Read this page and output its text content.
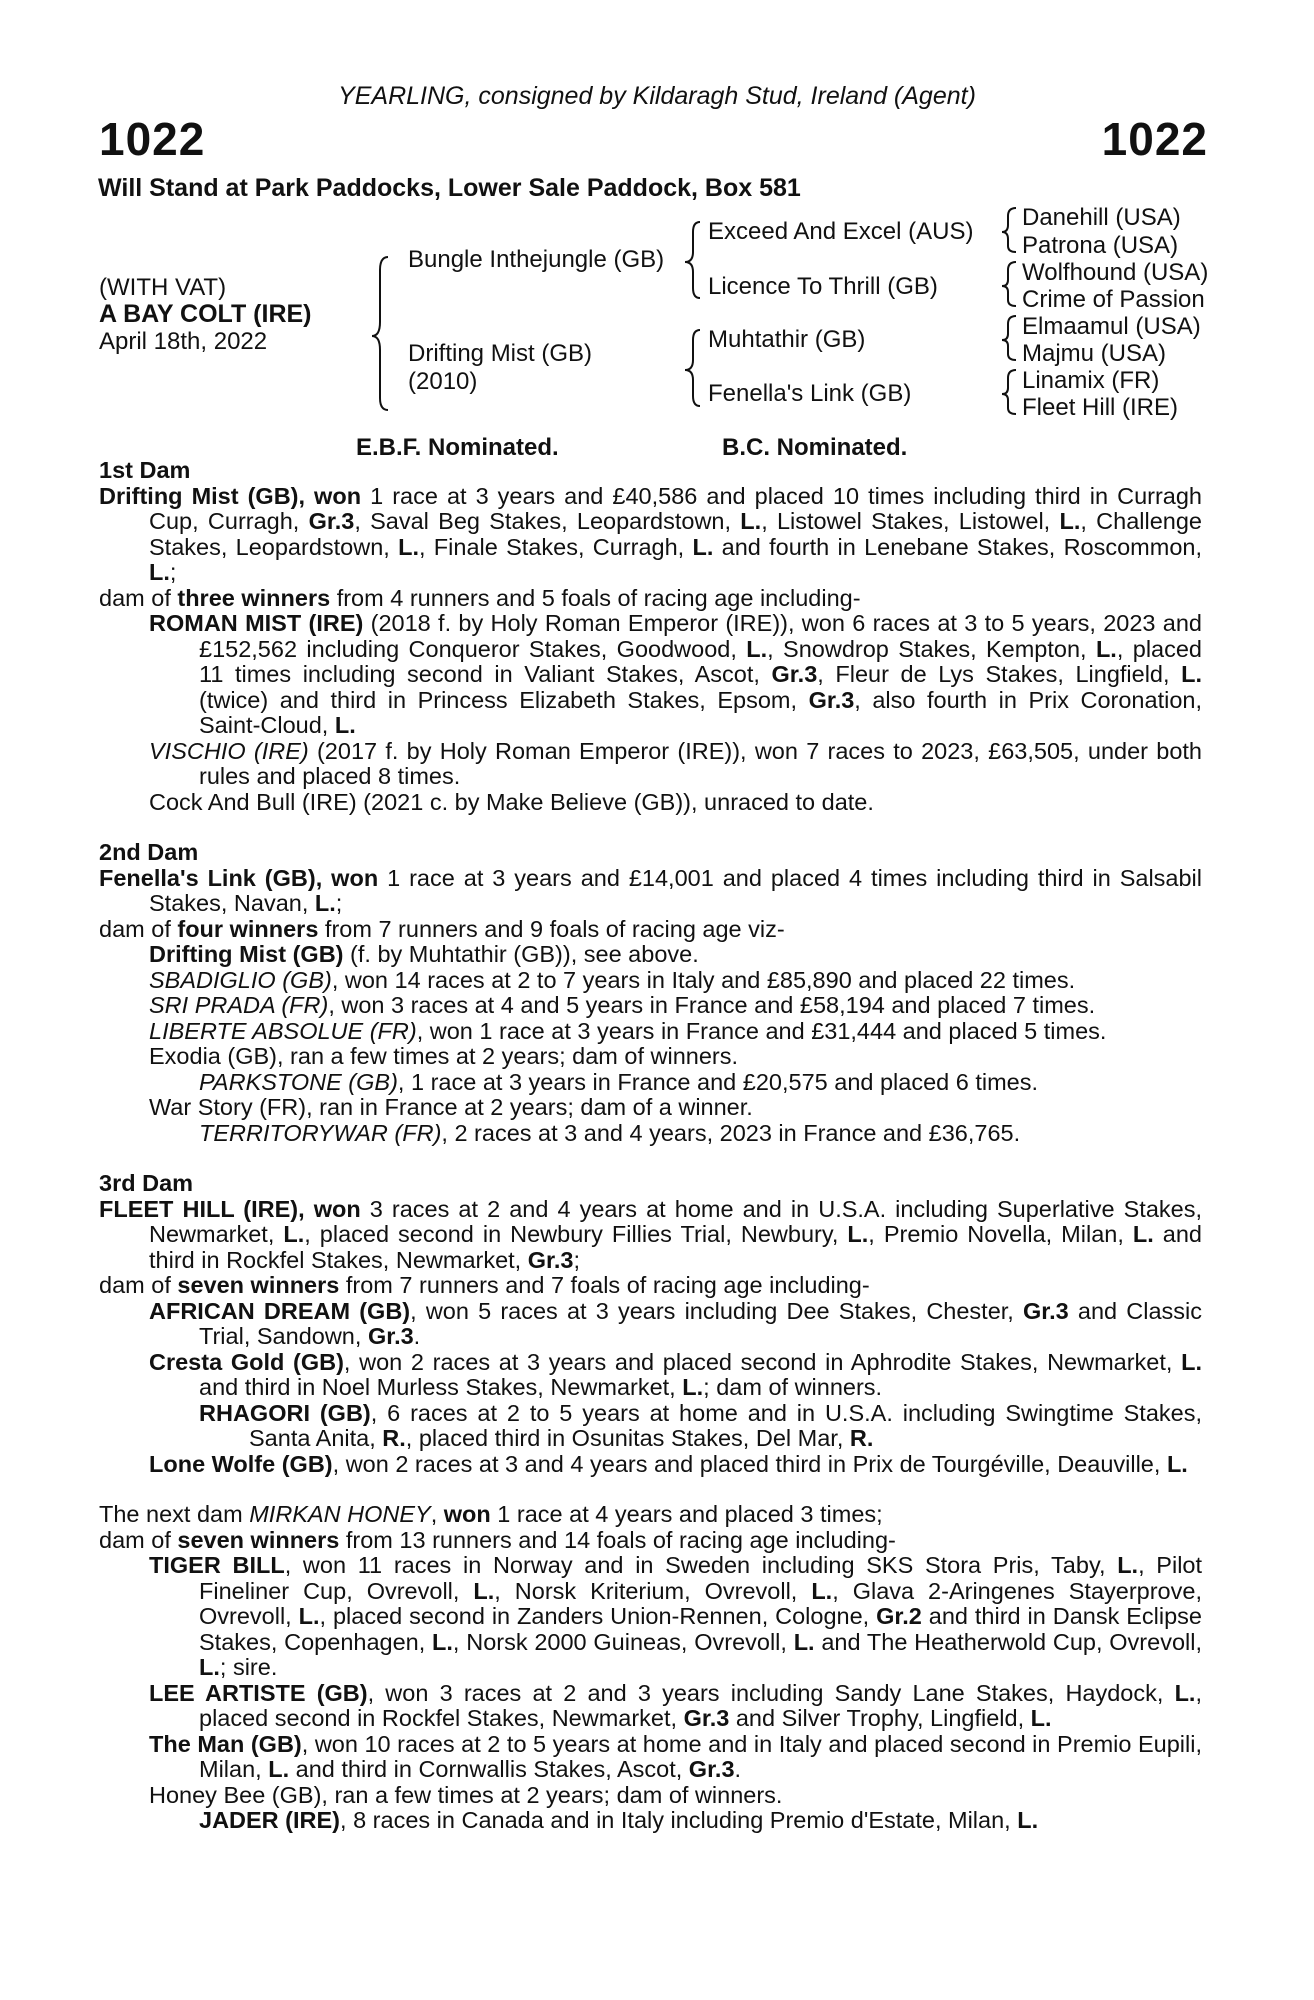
YEARLING, consigned by Kildaragh Stud, Ireland (Agent)
1022	1022
Will Stand at Park Paddocks, Lower Sale Paddock, Box 581
(WITH VAT)
A BAY COLT (IRE)
April 18th, 2022
Bungle Inthejungle (GB)
Drifting Mist (GB)
(2010)
Exceed And Excel (AUS)
Licence To Thrill (GB)
Muhtathir (GB)
Fenella's Link (GB)
Danehill (USA)
Patrona (USA)
Wolfhound (USA)
Crime of Passion
Elmaamul (USA)
Majmu (USA)
Linamix (FR)
Fleet Hill (IRE)
E.B.F. Nominated.	B.C. Nominated.
1st Dam
Drifting Mist (GB), won 1 race at 3 years and £40,586 and placed 10 times including third in Curragh Cup, Curragh, Gr.3, Saval Beg Stakes, Leopardstown, L., Listowel Stakes, Listowel, L., Challenge Stakes, Leopardstown, L., Finale Stakes, Curragh, L. and fourth in Lenebane Stakes, Roscommon, L.;
dam of three winners from 4 runners and 5 foals of racing age including-
ROMAN MIST (IRE) (2018 f. by Holy Roman Emperor (IRE)), won 6 races at 3 to 5 years, 2023 and £152,562 including Conqueror Stakes, Goodwood, L., Snowdrop Stakes, Kempton, L., placed 11 times including second in Valiant Stakes, Ascot, Gr.3, Fleur de Lys Stakes, Lingfield, L. (twice) and third in Princess Elizabeth Stakes, Epsom, Gr.3, also fourth in Prix Coronation, Saint-Cloud, L.
VISCHIO (IRE) (2017 f. by Holy Roman Emperor (IRE)), won 7 races to 2023, £63,505, under both rules and placed 8 times.
Cock And Bull (IRE) (2021 c. by Make Believe (GB)), unraced to date.
2nd Dam
Fenella's Link (GB), won 1 race at 3 years and £14,001 and placed 4 times including third in Salsabil Stakes, Navan, L.;
dam of four winners from 7 runners and 9 foals of racing age viz-
Drifting Mist (GB) (f. by Muhtathir (GB)), see above.
SBADIGLIO (GB), won 14 races at 2 to 7 years in Italy and £85,890 and placed 22 times.
SRI PRADA (FR), won 3 races at 4 and 5 years in France and £58,194 and placed 7 times.
LIBERTE ABSOLUE (FR), won 1 race at 3 years in France and £31,444 and placed 5 times.
Exodia (GB), ran a few times at 2 years; dam of winners.
PARKSTONE (GB), 1 race at 3 years in France and £20,575 and placed 6 times.
War Story (FR), ran in France at 2 years; dam of a winner.
TERRITORYWAR (FR), 2 races at 3 and 4 years, 2023 in France and £36,765.
3rd Dam
FLEET HILL (IRE), won 3 races at 2 and 4 years at home and in U.S.A. including Superlative Stakes, Newmarket, L., placed second in Newbury Fillies Trial, Newbury, L., Premio Novella, Milan, L. and third in Rockfel Stakes, Newmarket, Gr.3;
dam of seven winners from 7 runners and 7 foals of racing age including-
AFRICAN DREAM (GB), won 5 races at 3 years including Dee Stakes, Chester, Gr.3 and Classic Trial, Sandown, Gr.3.
Cresta Gold (GB), won 2 races at 3 years and placed second in Aphrodite Stakes, Newmarket, L. and third in Noel Murless Stakes, Newmarket, L.; dam of winners.
RHAGORI (GB), 6 races at 2 to 5 years at home and in U.S.A. including Swingtime Stakes, Santa Anita, R., placed third in Osunitas Stakes, Del Mar, R.
Lone Wolfe (GB), won 2 races at 3 and 4 years and placed third in Prix de Tourgéville, Deauville, L.
The next dam MIRKAN HONEY, won 1 race at 4 years and placed 3 times;
dam of seven winners from 13 runners and 14 foals of racing age including-
TIGER BILL, won 11 races in Norway and in Sweden including SKS Stora Pris, Taby, L., Pilot Fineliner Cup, Ovrevoll, L., Norsk Kriterium, Ovrevoll, L., Glava 2-Aringenes Stayerprove, Ovrevoll, L., placed second in Zanders Union-Rennen, Cologne, Gr.2 and third in Dansk Eclipse Stakes, Copenhagen, L., Norsk 2000 Guineas, Ovrevoll, L. and The Heatherwold Cup, Ovrevoll, L.; sire.
LEE ARTISTE (GB), won 3 races at 2 and 3 years including Sandy Lane Stakes, Haydock, L., placed second in Rockfel Stakes, Newmarket, Gr.3 and Silver Trophy, Lingfield, L.
The Man (GB), won 10 races at 2 to 5 years at home and in Italy and placed second in Premio Eupili, Milan, L. and third in Cornwallis Stakes, Ascot, Gr.3.
Honey Bee (GB), ran a few times at 2 years; dam of winners.
JADER (IRE), 8 races in Canada and in Italy including Premio d'Estate, Milan, L.
